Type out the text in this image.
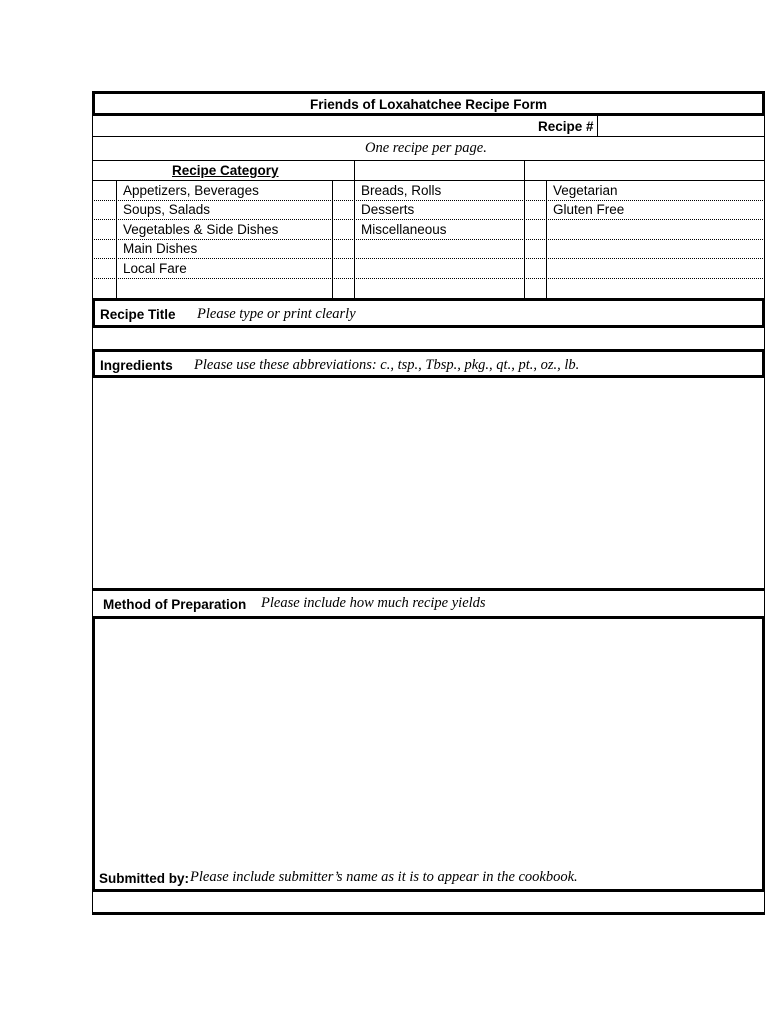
Friends of Loxahatchee Recipe Form
Recipe #
One recipe per page.
Recipe Category
Appetizers, Beverages
Soups, Salads
Vegetables & Side Dishes
Main Dishes
Local Fare
Breads, Rolls
Desserts
Miscellaneous
Vegetarian
Gluten Free
Recipe Title Please type or print clearly
Ingredients Please use these abbreviations: c., tsp., Tbsp., pkg., qt., pt., oz., lb.
Method of Preparation Please include how much recipe yields
Submitted by: Please include submitter’s name as it is to appear in the cookbook.
